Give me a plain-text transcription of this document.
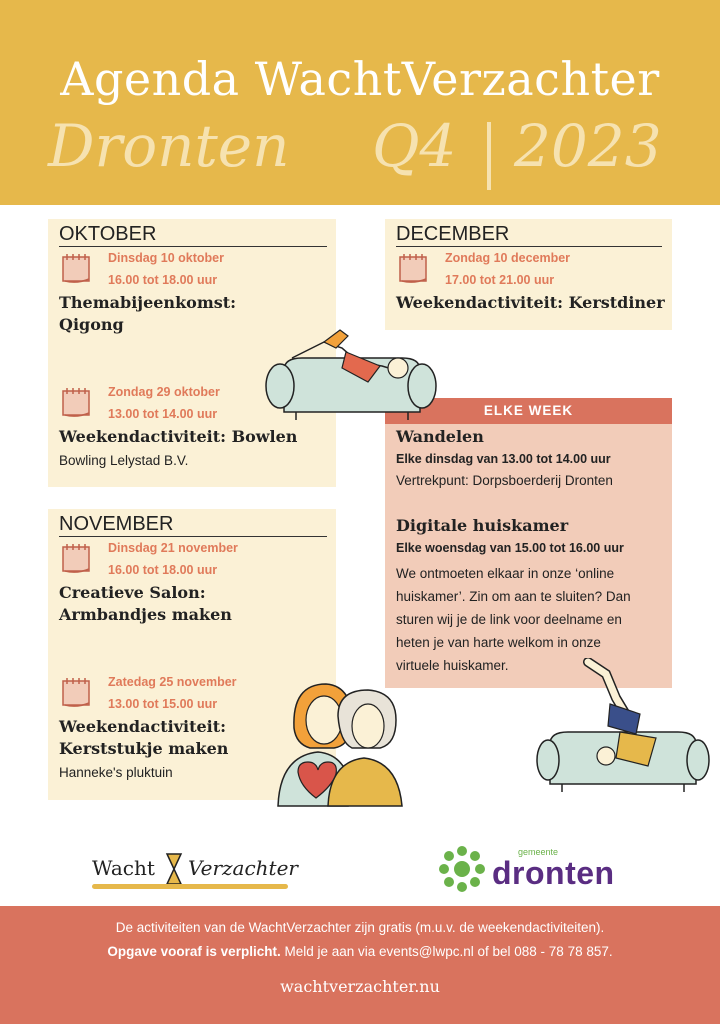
Agenda WachtVerzachter
Dronten Q4 2023
OKTOBER
Dinsdag 10 oktober
16.00 tot 18.00 uur
Themabijeenkomst:
Qigong
Zondag 29 oktober
13.00 tot 14.00 uur
Weekendactiviteit: Bowlen
Bowling Lelystad B.V.
NOVEMBER
Dinsdag 21 november
16.00 tot 18.00 uur
Creatieve Salon:
Armbandjes maken
Zatedag 25 november
13.00 tot 15.00 uur
Weekendactiviteit:
Kerststukje maken
Hanneke's pluktuin
DECEMBER
Zondag 10 december
17.00 tot 21.00 uur
Weekendactiviteit: Kerstdiner
ELKE WEEK
Wandelen
Elke dinsdag van 13.00 tot 14.00 uur
Vertrekpunt: Dorpsboerderij Dronten
Digitale huiskamer
Elke woensdag van 15.00 tot 16.00 uur
We ontmoeten elkaar in onze ‘online
huiskamer’. Zin om aan te sluiten? Dan
sturen wij je de link voor deelname en
heten je van harte welkom in onze
virtuele huiskamer.
Wacht Verzachter
gemeente
dronten
De activiteiten van de WachtVerzachter zijn gratis (m.u.v. de weekendactiviteiten).
Opgave vooraf is verplicht. Meld je aan via events@lwpc.nl of bel 088 - 78 78 857.
wachtverzachter.nu
